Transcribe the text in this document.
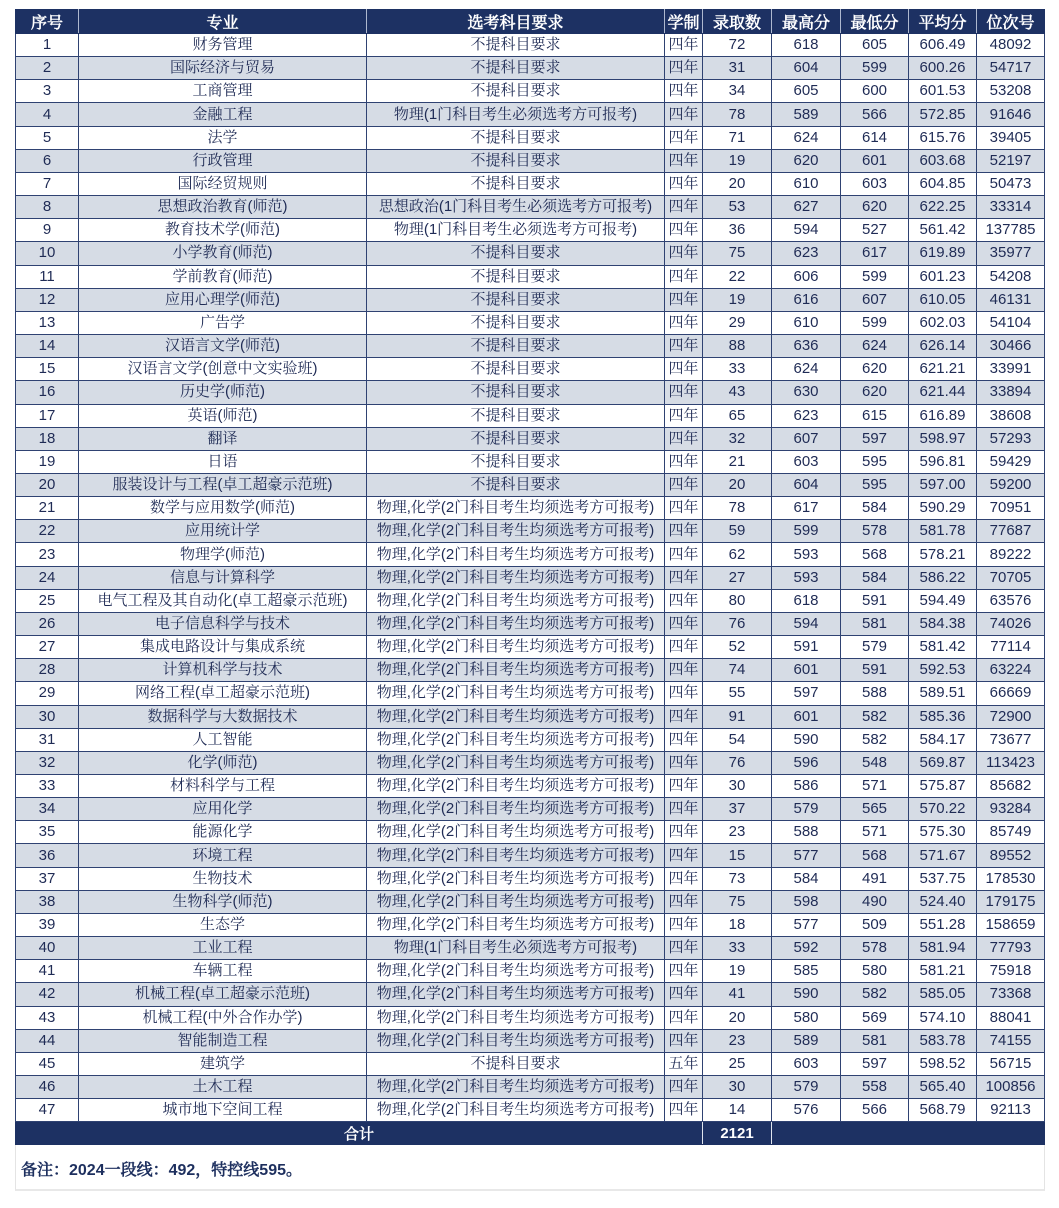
序号	专业	选考科目要求	学制	录取数	最高分	最低分	平均分	位次号
1	财务管理	不提科目要求	四年	72	618	605	606.49	48092
2	国际经济与贸易	不提科目要求	四年	31	604	599	600.26	54717
3	工商管理	不提科目要求	四年	34	605	600	601.53	53208
4	金融工程	物理(1门科目考生必须选考方可报考)	四年	78	589	566	572.85	91646
5	法学	不提科目要求	四年	71	624	614	615.76	39405
6	行政管理	不提科目要求	四年	19	620	601	603.68	52197
7	国际经贸规则	不提科目要求	四年	20	610	603	604.85	50473
8	思想政治教育(师范)	思想政治(1门科目考生必须选考方可报考)	四年	53	627	620	622.25	33314
9	教育技术学(师范)	物理(1门科目考生必须选考方可报考)	四年	36	594	527	561.42	137785
10	小学教育(师范)	不提科目要求	四年	75	623	617	619.89	35977
11	学前教育(师范)	不提科目要求	四年	22	606	599	601.23	54208
12	应用心理学(师范)	不提科目要求	四年	19	616	607	610.05	46131
13	广告学	不提科目要求	四年	29	610	599	602.03	54104
14	汉语言文学(师范)	不提科目要求	四年	88	636	624	626.14	30466
15	汉语言文学(创意中文实验班)	不提科目要求	四年	33	624	620	621.21	33991
16	历史学(师范)	不提科目要求	四年	43	630	620	621.44	33894
17	英语(师范)	不提科目要求	四年	65	623	615	616.89	38608
18	翻译	不提科目要求	四年	32	607	597	598.97	57293
19	日语	不提科目要求	四年	21	603	595	596.81	59429
20	服装设计与工程(卓工超豪示范班)	不提科目要求	四年	20	604	595	597.00	59200
21	数学与应用数学(师范)	物理,化学(2门科目考生均须选考方可报考)	四年	78	617	584	590.29	70951
22	应用统计学	物理,化学(2门科目考生均须选考方可报考)	四年	59	599	578	581.78	77687
23	物理学(师范)	物理,化学(2门科目考生均须选考方可报考)	四年	62	593	568	578.21	89222
24	信息与计算科学	物理,化学(2门科目考生均须选考方可报考)	四年	27	593	584	586.22	70705
25	电气工程及其自动化(卓工超豪示范班)	物理,化学(2门科目考生均须选考方可报考)	四年	80	618	591	594.49	63576
26	电子信息科学与技术	物理,化学(2门科目考生均须选考方可报考)	四年	76	594	581	584.38	74026
27	集成电路设计与集成系统	物理,化学(2门科目考生均须选考方可报考)	四年	52	591	579	581.42	77114
28	计算机科学与技术	物理,化学(2门科目考生均须选考方可报考)	四年	74	601	591	592.53	63224
29	网络工程(卓工超豪示范班)	物理,化学(2门科目考生均须选考方可报考)	四年	55	597	588	589.51	66669
30	数据科学与大数据技术	物理,化学(2门科目考生均须选考方可报考)	四年	91	601	582	585.36	72900
31	人工智能	物理,化学(2门科目考生均须选考方可报考)	四年	54	590	582	584.17	73677
32	化学(师范)	物理,化学(2门科目考生均须选考方可报考)	四年	76	596	548	569.87	113423
33	材料科学与工程	物理,化学(2门科目考生均须选考方可报考)	四年	30	586	571	575.87	85682
34	应用化学	物理,化学(2门科目考生均须选考方可报考)	四年	37	579	565	570.22	93284
35	能源化学	物理,化学(2门科目考生均须选考方可报考)	四年	23	588	571	575.30	85749
36	环境工程	物理,化学(2门科目考生均须选考方可报考)	四年	15	577	568	571.67	89552
37	生物技术	物理,化学(2门科目考生均须选考方可报考)	四年	73	584	491	537.75	178530
38	生物科学(师范)	物理,化学(2门科目考生均须选考方可报考)	四年	75	598	490	524.40	179175
39	生态学	物理,化学(2门科目考生均须选考方可报考)	四年	18	577	509	551.28	158659
40	工业工程	物理(1门科目考生必须选考方可报考)	四年	33	592	578	581.94	77793
41	车辆工程	物理,化学(2门科目考生均须选考方可报考)	四年	19	585	580	581.21	75918
42	机械工程(卓工超豪示范班)	物理,化学(2门科目考生均须选考方可报考)	四年	41	590	582	585.05	73368
43	机械工程(中外合作办学)	物理,化学(2门科目考生均须选考方可报考)	四年	20	580	569	574.10	88041
44	智能制造工程	物理,化学(2门科目考生均须选考方可报考)	四年	23	589	581	583.78	74155
45	建筑学	不提科目要求	五年	25	603	597	598.52	56715
46	土木工程	物理,化学(2门科目考生均须选考方可报考)	四年	30	579	558	565.40	100856
47	城市地下空间工程	物理,化学(2门科目考生均须选考方可报考)	四年	14	576	566	568.79	92113
合计				2121				
备注：2024一段线：492，特控线595。
